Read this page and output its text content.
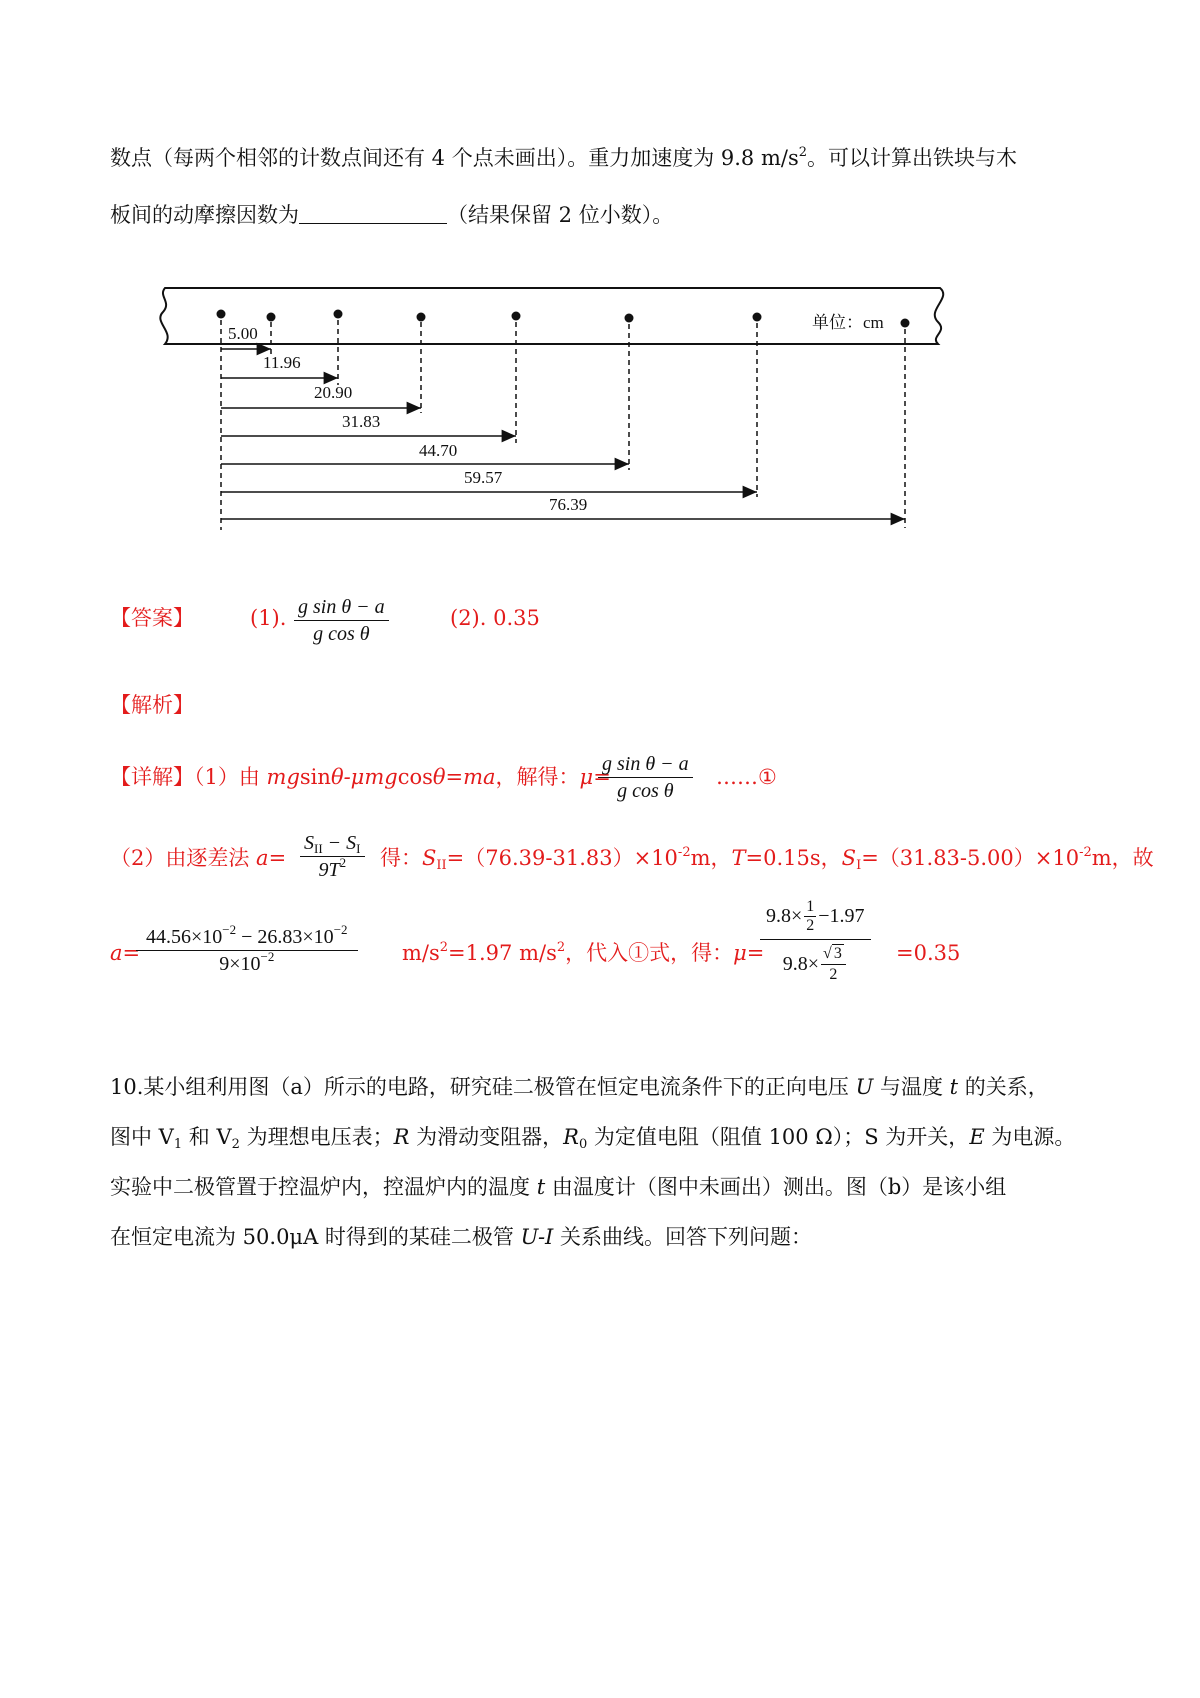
数点（每两个相邻的计数点间还有 4 个点未画出）。重力加速度为 9.8 $m/s^2$。可以计算出铁块与木
板间的动摩擦因数为	（结果保留 2 位小数）。
单位：cm
5.00
11.96
20.90
31.83
44.70
59.57
76.39
【答案】	(1). $\frac{\text{g sin θ − a}}{\text{g cos θ}}$	(2). 0.35
【解析】
【详解】（1）由 mgsinθ-μmgcosθ=ma，解得：μ=
$\frac{\text{g sin θ − a}}{\text{g cos θ}}$ ……①
（2）由逐差法 $a= \frac{S_{II} - S_I}{9T^2}$ 得：$S_{II}=(76.39-31.83)\times 10^{-2}m$，T=0.15s，$S_I=(31.83-5.00)\times 10^{-2}m$，故
a=
$\frac{44.56\times 10^{-2} - 26.83\times 10^{-2}}{9\times 10^{-2}} m/s^2=1.97$ $m/s^2$，代入①式，得：μ=
$9.8\times \frac{1}{2} -1.97$
$9.8\times \frac{√ 3}{2} =0.35$
10.某小组利用图（a）所示的电路，研究硅二极管在恒定电流条件下的正向电压 U 与温度 t 的关系，
图中 $V_1$ 和 $V_2$ 为理想电压表；R 为滑动变阻器，$R_0$ 为定值电阻（阻值 100 Ω）；S 为开关，E 为电源。
实验中二极管置于控温炉内，控温炉内的温度 t 由温度计（图中未画出）测出。图（b）是该小组
在恒定电流为 50.0μA 时得到的某硅二极管 U-I 关系曲线。回答下列问题：
